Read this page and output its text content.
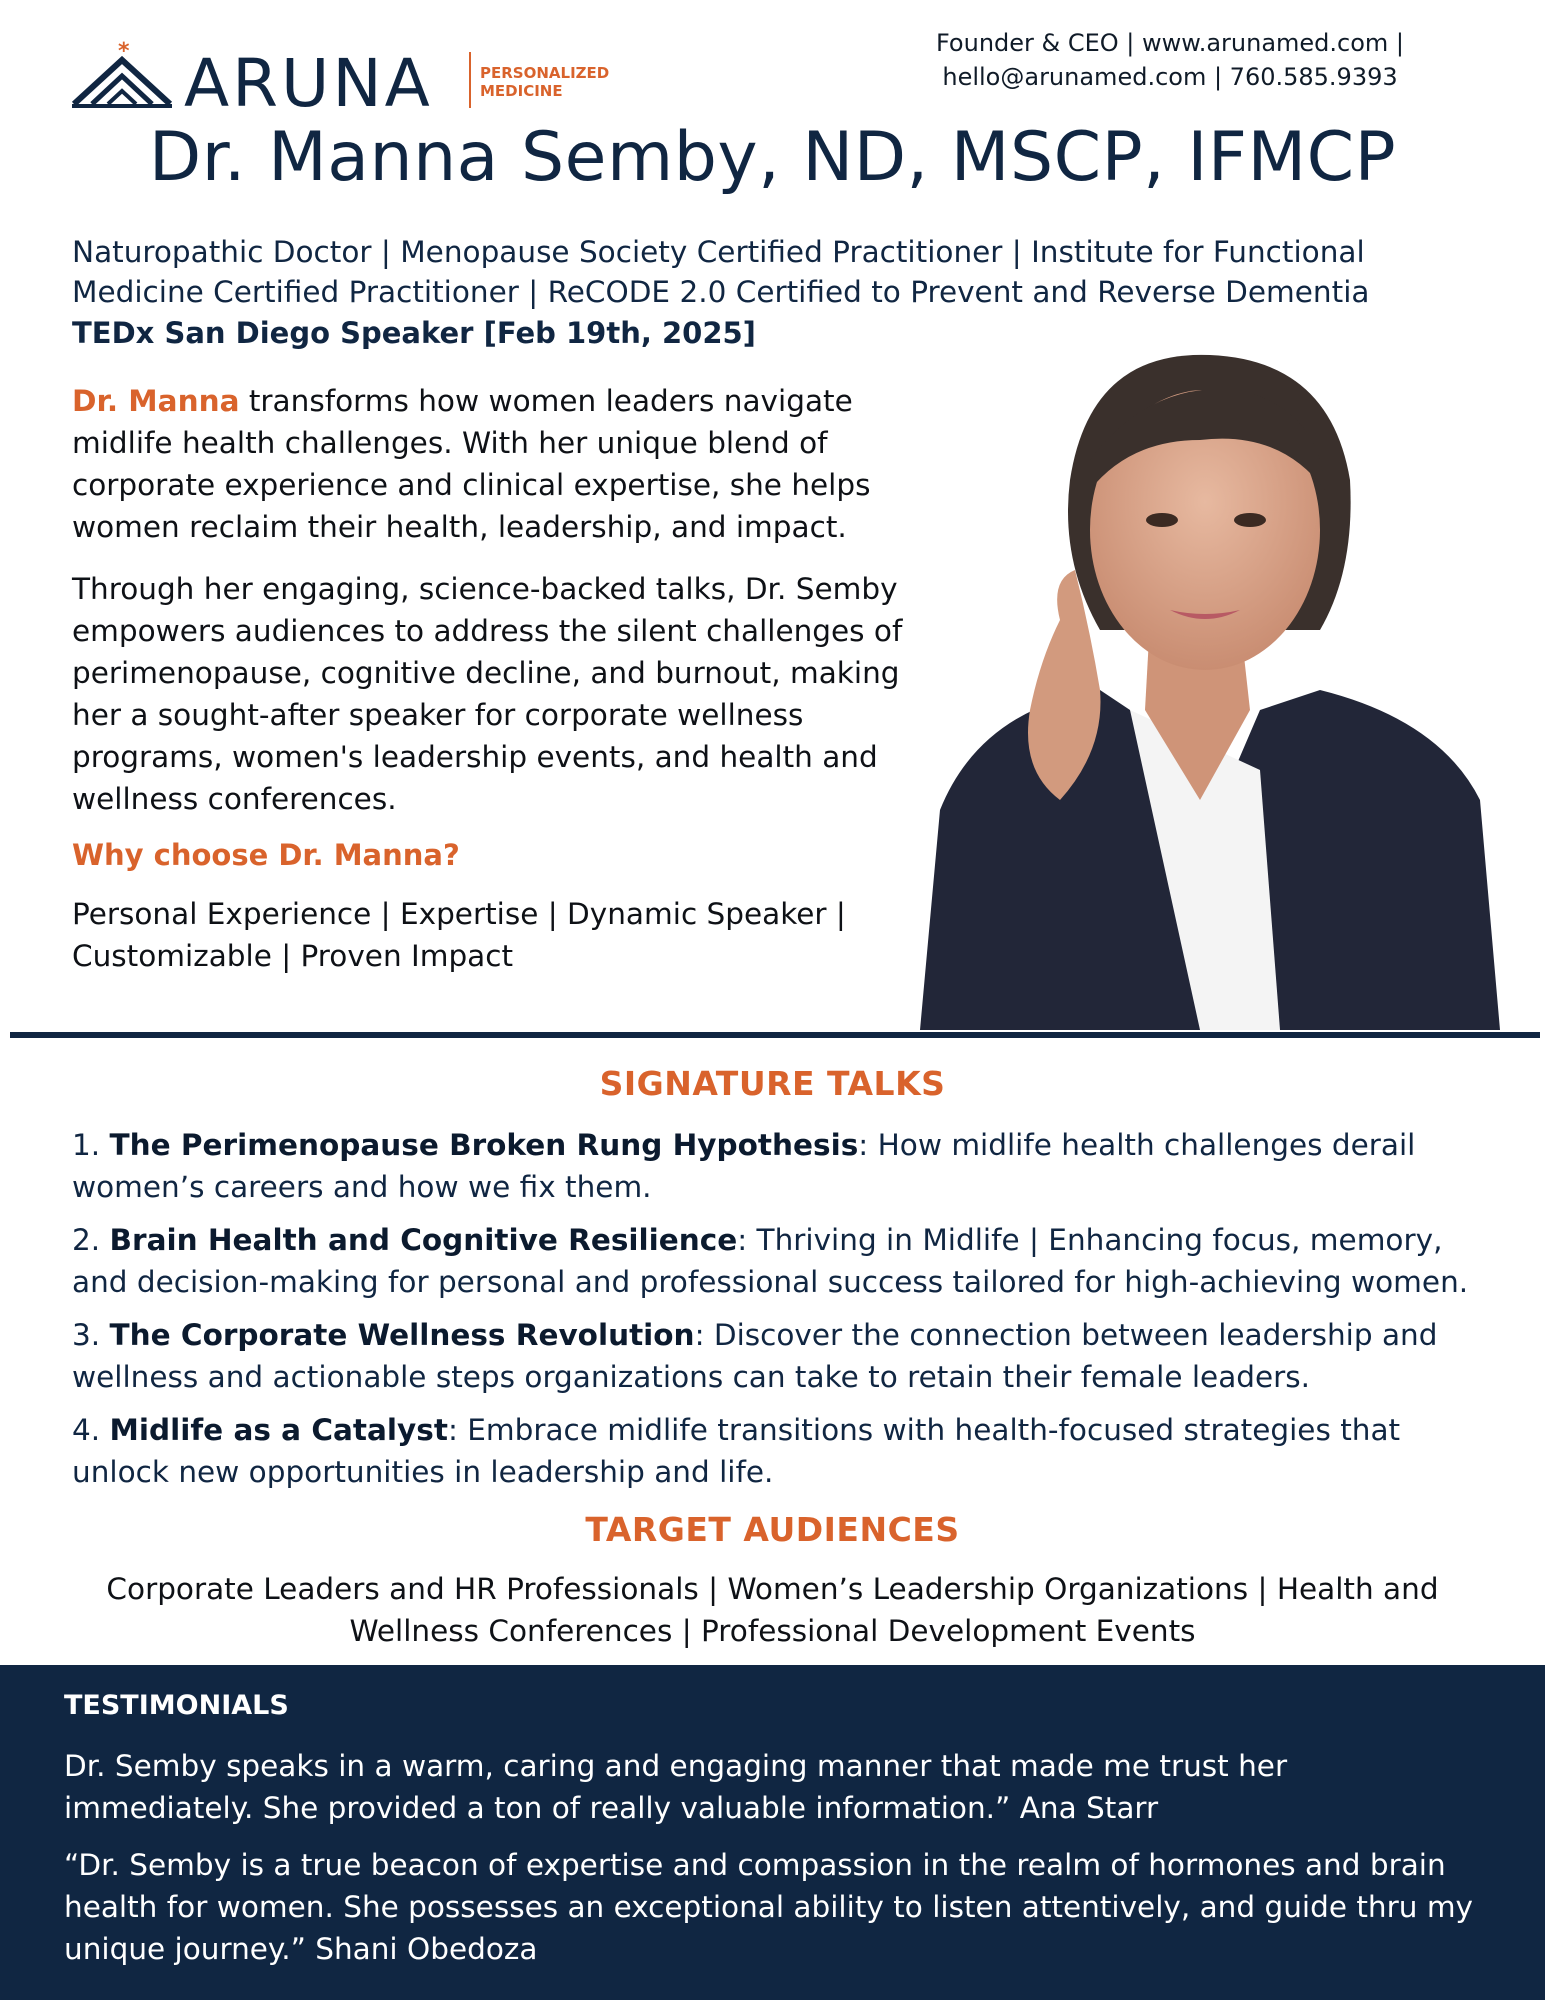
* ARUNA	PERSONALIZED
MEDICINE
Founder & CEO | www.arunamed.com |
hello@arunamed.com | 760.585.9393
Dr. Manna Semby, ND, MSCP, IFMCP
Naturopathic Doctor | Menopause Society Certified Practitioner | Institute for Functional Medicine Certified Practitioner | ReCODE 2.0 Certified to Prevent and Reverse Dementia
TEDx San Diego Speaker [Feb 19th, 2025]
Dr. Manna transforms how women leaders navigate midlife health challenges. With her unique blend of corporate experience and clinical expertise, she helps women reclaim their health, leadership, and impact.
Through her engaging, science-backed talks, Dr. Semby empowers audiences to address the silent challenges of perimenopause, cognitive decline, and burnout, making her a sought-after speaker for corporate wellness programs, women's leadership events, and health and wellness conferences.
Why choose Dr. Manna?
Personal Experience | Expertise | Dynamic Speaker | Customizable | Proven Impact
SIGNATURE TALKS
1. The Perimenopause Broken Rung Hypothesis: How midlife health challenges derail women’s careers and how we fix them.
2. Brain Health and Cognitive Resilience: Thriving in Midlife | Enhancing focus, memory, and decision-making for personal and professional success tailored for high-achieving women.
3. The Corporate Wellness Revolution: Discover the connection between leadership and wellness and actionable steps organizations can take to retain their female leaders.
4. Midlife as a Catalyst: Embrace midlife transitions with health-focused strategies that unlock new opportunities in leadership and life.
TARGET AUDIENCES
Corporate Leaders and HR Professionals | Women’s Leadership Organizations | Health and Wellness Conferences | Professional Development Events
TESTIMONIALS
Dr. Semby speaks in a warm, caring and engaging manner that made me trust her immediately. She provided a ton of really valuable information.” Ana Starr
“Dr. Semby is a true beacon of expertise and compassion in the realm of hormones and brain health for women. She possesses an exceptional ability to listen attentively, and guide thru my unique journey.” Shani Obedoza
